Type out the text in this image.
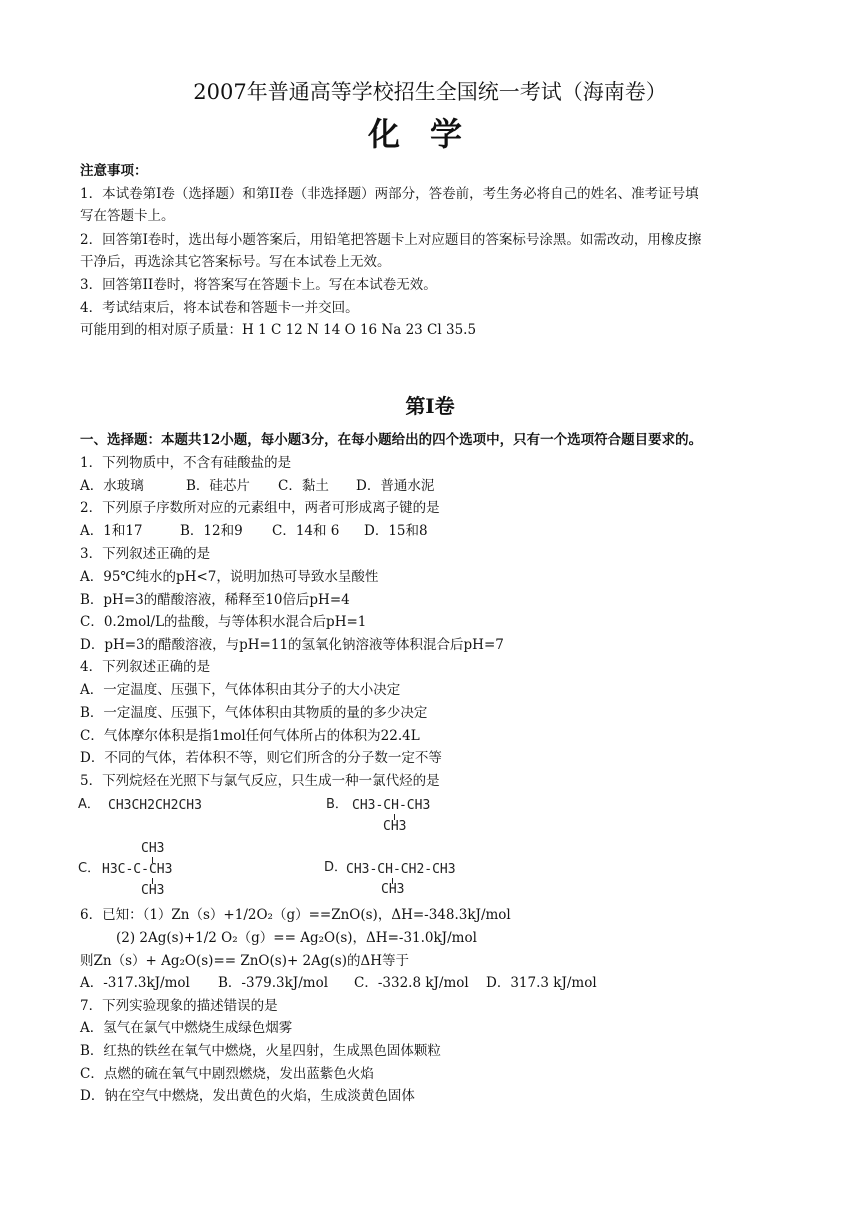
2007年普通高等学校招生全国统一考试（海南卷）
化学
注意事项：
1．本试卷第I卷（选择题）和第II卷（非选择题）两部分，答卷前，考生务必将自己的姓名、准考证号填
写在答题卡上。
2．回答第I卷时，选出每小题答案后，用铅笔把答题卡上对应题目的答案标号涂黑。如需改动，用橡皮擦
干净后，再选涂其它答案标号。写在本试卷上无效。
3．回答第II卷时，将答案写在答题卡上。写在本试卷无效。
4．考试结束后，将本试卷和答题卡一并交回。
可能用到的相对原子质量：H 1 C 12 N 14 O 16 Na 23 Cl 35.5
第I卷
一、选择题：本题共12小题，每小题3分，在每小题给出的四个选项中，只有一个选项符合题目要求的。
1．下列物质中，不含有硅酸盐的是
A．水玻璃	B．硅芯片 C．黏土 D．普通水泥
2．下列原子序数所对应的元素组中，两者可形成离子键的是
A．1和17	B．12和9 C．14和 6 D．15和8
3．下列叙述正确的是
A．95℃纯水的pH<7，说明加热可导致水呈酸性
B．pH=3的醋酸溶液，稀释至10倍后pH=4
C．0.2mol/L的盐酸，与等体积水混合后pH=1
D．pH=3的醋酸溶液，与pH=11的氢氧化钠溶液等体积混合后pH=7
4．下列叙述正确的是
A．一定温度、压强下，气体体积由其分子的大小决定
B．一定温度、压强下，气体体积由其物质的量的多少决定
C．气体摩尔体积是指1mol任何气体所占的体积为22.4L
D．不同的气体，若体积不等，则它们所含的分子数一定不等
5．下列烷烃在光照下与氯气反应，只生成一种一氯代烃的是
A． CH3CH2CH2CH3	B． CH3-CH-CH3
CH3
CH3
C． H3C-C-CH3
CH3
D．
CH3-CH-CH2-CH3
CH3
6．已知：（1）Zn（s）+1/2O₂（g）==ZnO(s)，ΔH=-348.3kJ/mol
(2) 2Ag(s)+1/2 O₂（g）== Ag₂O(s)，ΔH=-31.0kJ/mol
则Zn（s）+ Ag₂O(s)== ZnO(s)+ 2Ag(s)的ΔH等于
A．-317.3kJ/mol B．-379.3kJ/mol C．-332.8 kJ/mol D．317.3 kJ/mol
7．下列实验现象的描述错误的是
A．氢气在氯气中燃烧生成绿色烟雾
B．红热的铁丝在氧气中燃烧，火星四射，生成黑色固体颗粒
C．点燃的硫在氧气中剧烈燃烧，发出蓝紫色火焰
D．钠在空气中燃烧，发出黄色的火焰，生成淡黄色固体
